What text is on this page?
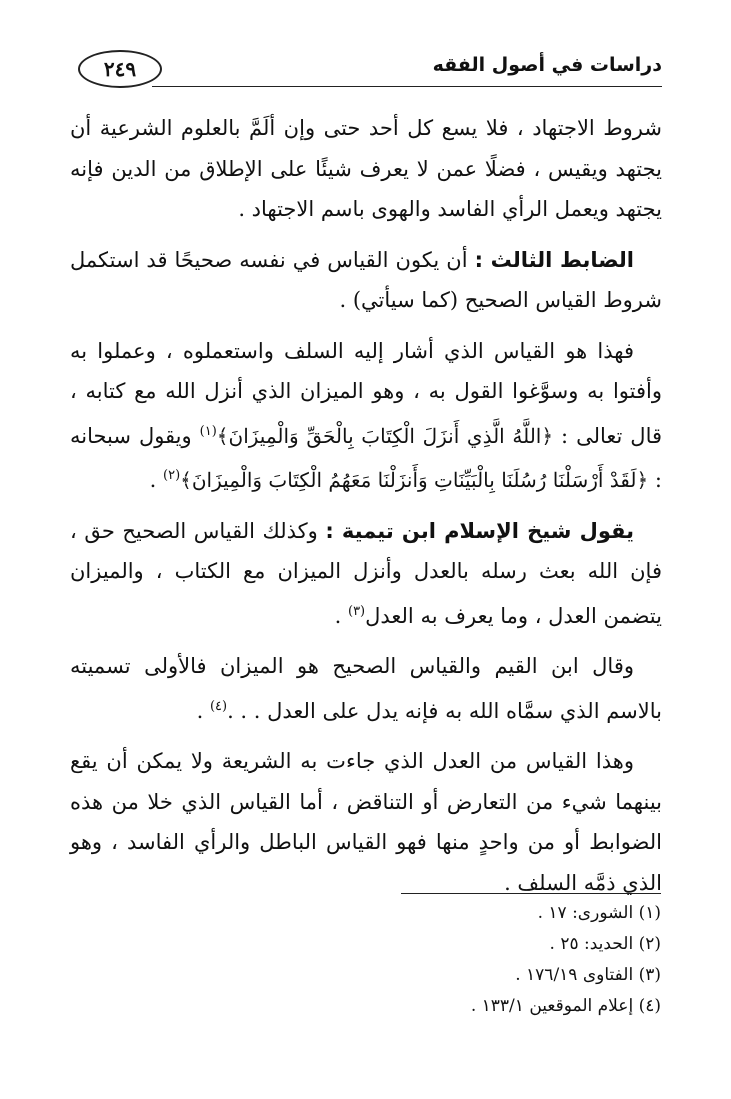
٢٤٩	دراسات في أصول الفقه

شروط الاجتهاد ، فلا يسع كل أحد حتى وإن ألَمَّ بالعلوم الشرعية أن يجتهد ويقيس ، فضلًا عمن لا يعرف شيئًا على الإطلاق من الدين فإنه يجتهد ويعمل الرأي الفاسد والهوى باسم الاجتهاد .

الضابط الثالث : أن يكون القياس في نفسه صحيحًا قد استكمل شروط القياس الصحيح (كما سيأتي) .

فهذا هو القياس الذي أشار إليه السلف واستعملوه ، وعملوا به وأفتوا به وسوَّغوا القول به ، وهو الميزان الذي أنزل الله مع كتابه ، قال تعالى : ﴿اللَّهُ الَّذِي أَنزَلَ الْكِتَابَ بِالْحَقِّ وَالْمِيزَانَ﴾$^{(١)}$ ويقول سبحانه : ﴿لَقَدْ أَرْسَلْنَا رُسُلَنَا بِالْبَيِّنَاتِ وَأَنزَلْنَا مَعَهُمُ الْكِتَابَ وَالْمِيزَانَ﴾$^{(٢)}$ .

يقول شيخ الإسلام ابن تيمية : وكذلك القياس الصحيح حق ، فإن الله بعث رسله بالعدل وأنزل الميزان مع الكتاب ، والميزان يتضمن العدل ، وما يعرف به العدل$^{(٣)}$ .

وقال ابن القيم والقياس الصحيح هو الميزان فالأولى تسميته بالاسم الذي سمَّاه الله به فإنه يدل على العدل . . .$^{(٤)}$ .

وهذا القياس من العدل الذي جاءت به الشريعة ولا يمكن أن يقع بينهما شيء من التعارض أو التناقض ، أما القياس الذي خلا من هذه الضوابط أو من واحدٍ منها فهو القياس الباطل والرأي الفاسد ، وهو الذي ذمَّه السلف .

(١) الشورى: ١٧ .
(٢) الحديد: ٢٥ .
(٣) الفتاوى ١٧٦/١٩ .
(٤) إعلام الموقعين ١٣٣/١ .
